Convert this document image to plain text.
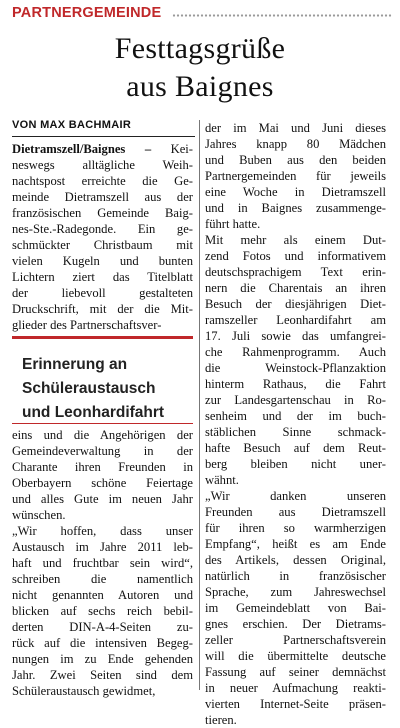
PARTNERGEMEINDE
Festtagsgrüße
aus Baignes
VON MAX BACHMAIR
Dietramszell/Baignes – Kei-
neswegs alltägliche Weih-
nachtspost erreichte die Ge-
meinde Dietramszell aus der
französischen Gemeinde Baig-
nes-Ste.-Radegonde. Ein ge-
schmückter Christbaum mit
vielen Kugeln und bunten
Lichtern ziert das Titelblatt
der liebevoll gestalteten
Druckschrift, mit der die Mit-
glieder des Partnerschaftsver-
Erinnerung an
Schüleraustausch
und Leonhardifahrt
eins und die Angehörigen der
Gemeindeverwaltung in der
Charante ihren Freunden in
Oberbayern schöne Feiertage
und alles Gute im neuen Jahr
wünschen.
„Wir hoffen, dass unser
Austausch im Jahre 2011 leb-
haft und fruchtbar sein wird“,
schreiben die namentlich
nicht genannten Autoren und
blicken auf sechs reich bebil-
derten DIN-A-4-Seiten zu-
rück auf die intensiven Begeg-
nungen im zu Ende gehenden
Jahr. Zwei Seiten sind dem
Schüleraustausch gewidmet,
der im Mai und Juni dieses
Jahres knapp 80 Mädchen
und Buben aus den beiden
Partnergemeinden für jeweils
eine Woche in Dietramszell
und in Baignes zusammenge-
führt hatte.
Mit mehr als einem Dut-
zend Fotos und informativem
deutschsprachigem Text erin-
nern die Charentais an ihren
Besuch der diesjährigen Diet-
ramszeller Leonhardifahrt am
17. Juli sowie das umfangrei-
che Rahmenprogramm. Auch
die Weinstock-Pflanzaktion
hinterm Rathaus, die Fahrt
zur Landesgartenschau in Ro-
senheim und der im buch-
stäblichen Sinne schmack-
hafte Besuch auf dem Reut-
berg bleiben nicht uner-
wähnt.
„Wir danken unseren
Freunden aus Dietramszell
für ihren so warmherzigen
Empfang“, heißt es am Ende
des Artikels, dessen Original,
natürlich in französischer
Sprache, zum Jahreswechsel
im Gemeindeblatt von Bai-
gnes erschien. Der Dietrams-
zeller Partnerschaftsverein
will die übermittelte deutsche
Fassung auf seiner demnächst
in neuer Aufmachung reakti-
vierten Internet-Seite präsen-
tieren.
